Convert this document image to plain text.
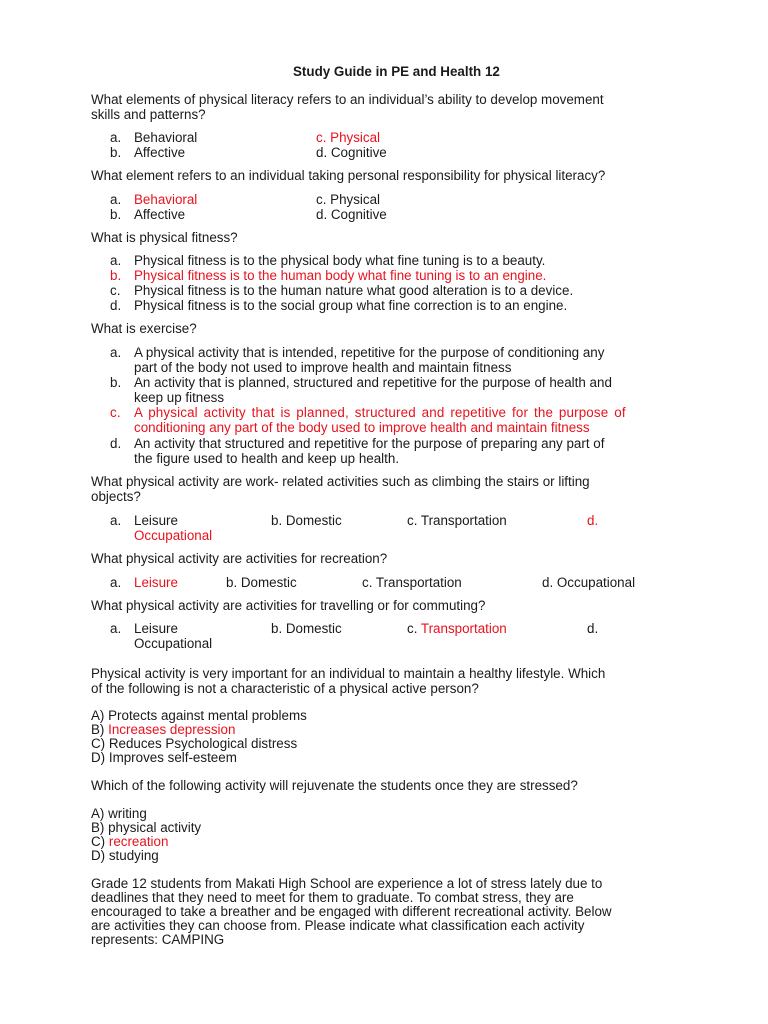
Study Guide in PE and Health 12
What elements of physical literacy refers to an individual’s ability to develop movement
skills and patterns?
a. Behavioral	c. Physical
b. Affective	d. Cognitive
What element refers to an individual taking personal responsibility for physical literacy?
a. Behavioral	c. Physical
b. Affective	d. Cognitive
What is physical fitness?
a. Physical fitness is to the physical body what fine tuning is to a beauty.
b. Physical fitness is to the human body what fine tuning is to an engine.
c. Physical fitness is to the human nature what good alteration is to a device.
d. Physical fitness is to the social group what fine correction is to an engine.
What is exercise?
a. A physical activity that is intended, repetitive for the purpose of conditioning any
part of the body not used to improve health and maintain fitness
b. An activity that is planned, structured and repetitive for the purpose of health and
keep up fitness
c. A physical activity that is planned, structured and repetitive for the purpose of
conditioning any part of the body used to improve health and maintain fitness
d. An activity that structured and repetitive for the purpose of preparing any part of
the figure used to health and keep up health.
What physical activity are work- related activities such as climbing the stairs or lifting
objects?
a. Leisure	b. Domestic	c. Transportation	d.
Occupational
What physical activity are activities for recreation?
a. Leisure	b. Domestic	c. Transportation	d. Occupational
What physical activity are activities for travelling or for commuting?
a. Leisure	b. Domestic	c. Transportation	d.
Occupational
Physical activity is very important for an individual to maintain a healthy lifestyle. Which
of the following is not a characteristic of a physical active person?
A) Protects against mental problems
B) Increases depression
C) Reduces Psychological distress
D) Improves self-esteem
Which of the following activity will rejuvenate the students once they are stressed?
A) writing
B) physical activity
C) recreation
D) studying
Grade 12 students from Makati High School are experience a lot of stress lately due to
deadlines that they need to meet for them to graduate. To combat stress, they are
encouraged to take a breather and be engaged with different recreational activity. Below
are activities they can choose from. Please indicate what classification each activity
represents: CAMPING
